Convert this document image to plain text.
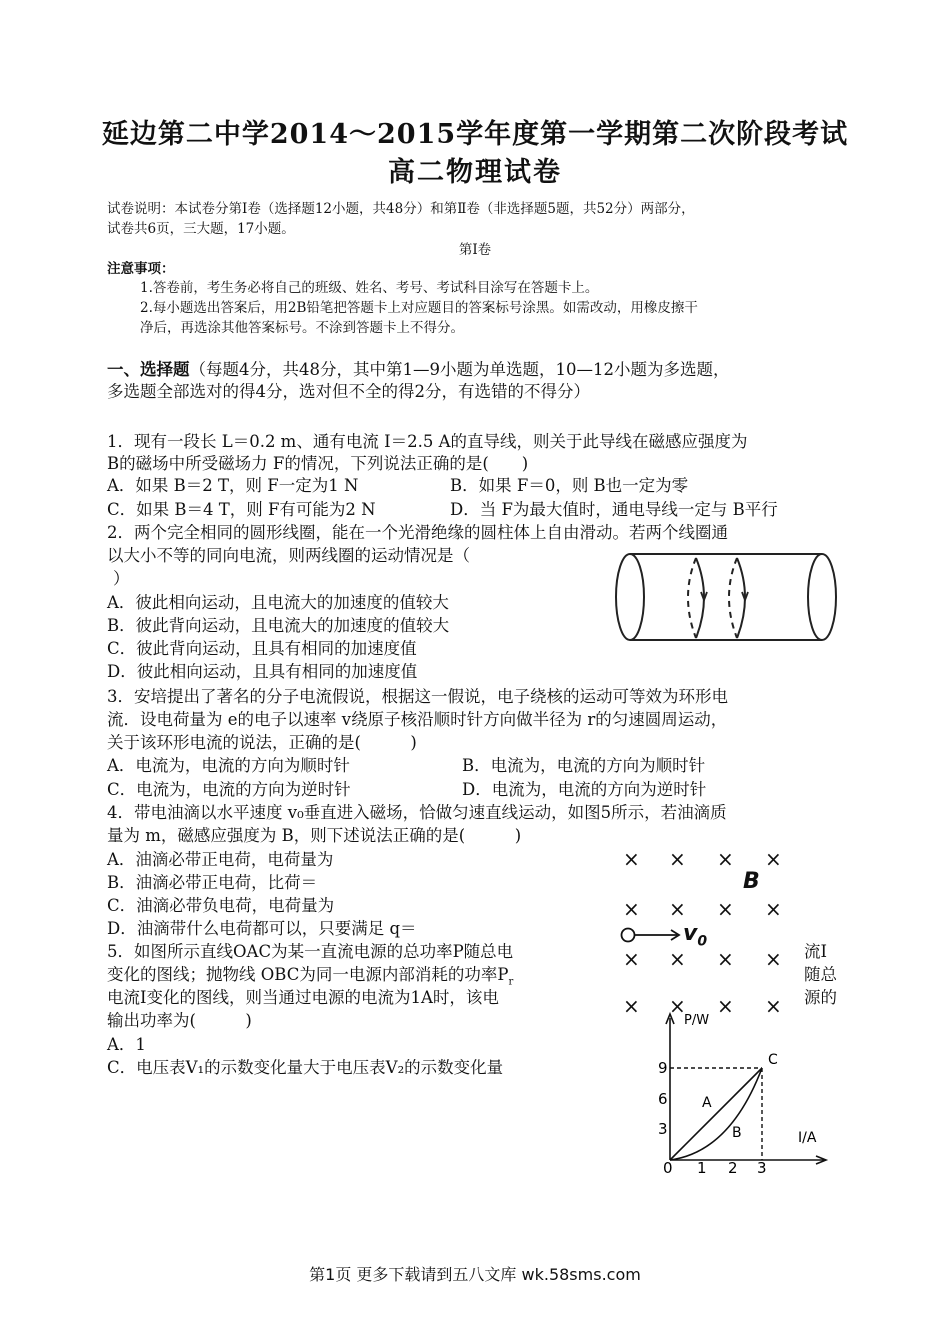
延边第二中学2014～2015学年度第一学期第二次阶段考试
高二物理试卷
试卷说明：本试卷分第Ⅰ卷（选择题12小题，共48分）和第Ⅱ卷（非选择题5题，共52分）两部分，
试卷共6页，三大题，17小题。
第Ⅰ卷
注意事项：
1.答卷前，考生务必将自己的班级、姓名、考号、考试科目涂写在答题卡上。
2.每小题选出答案后，用2B铅笔把答题卡上对应题目的答案标号涂黑。如需改动，用橡皮擦干
净后，再选涂其他答案标号。不涂到答题卡上不得分。
一、选择题（每题4分，共48分，其中第1—9小题为单选题，10—12小题为多选题，
多选题全部选对的得4分，选对但不全的得2分，有选错的不得分）
1．现有一段长 L＝0.2 m、通有电流 I＝2.5 A的直导线，则关于此导线在磁感应强度为
B的磁场中所受磁场力 F的情况，下列说法正确的是(　　)
A．如果 B＝2 T，则 F一定为1 N	B．如果 F＝0，则 B也一定为零
C．如果 B＝4 T，则 F有可能为2 N	D．当 F为最大值时，通电导线一定与 B平行
2．两个完全相同的圆形线圈，能在一个光滑绝缘的圆柱体上自由滑动。若两个线圈通
以大小不等的同向电流，则两线圈的运动情况是（
）
A．彼此相向运动，且电流大的加速度的值较大
B．彼此背向运动，且电流大的加速度的值较大
C．彼此背向运动，且具有相同的加速度值
D．彼此相向运动，且具有相同的加速度值
3．安培提出了著名的分子电流假说，根据这一假说，电子绕核的运动可等效为环形电
流．设电荷量为 e的电子以速率 v绕原子核沿顺时针方向做半径为 r的匀速圆周运动，
关于该环形电流的说法，正确的是(　　　)
A．电流为，电流的方向为顺时针	B．电流为，电流的方向为顺时针
C．电流为，电流的方向为逆时针	D．电流为，电流的方向为逆时针
4．带电油滴以水平速度 v₀垂直进入磁场，恰做匀速直线运动，如图5所示，若油滴质
量为 m，磁感应强度为 B，则下述说法正确的是(　　　)
A．油滴必带正电荷，电荷量为
B．油滴必带正电荷，比荷＝
C．油滴必带负电荷，电荷量为
D．油滴带什么电荷都可以，只要满足 q＝
× × × ×
B
× × × ×
$v_0$
× × × ×
× × × ×
5．如图所示直线OAC为某一直流电源的总功率P随总电
变化的图线；抛物线 OBC为同一电源内部消耗的功率$P_r$
电流I变化的图线，则当通过电源的电流为1A时，该电
输出功率为(　　　)
流Ⅰ
随总
源的
A．1
C．电压表V₁的示数变化量大于电压表V₂的示数变化量
P/W
I/A
9
6
3
0 1 2 3
A
B
C
第1页 更多下载请到五八文库 wk.58sms.com
